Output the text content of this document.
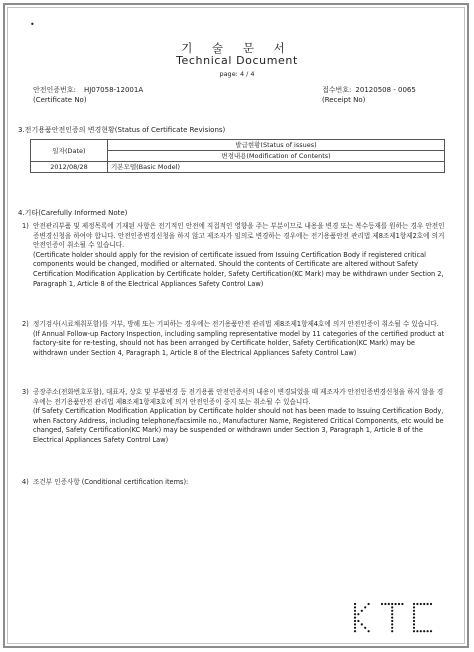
•
기 술 문 서
Technical Document
page: 4 / 4
안전인증번호: HJ07058-12001A
(Certificate No)
접수번호: 20120508 - 0065
(Receipt No)
3.전기용품안전인증의 변경현황(Status of Certificate Revisions)
일자(Date)	발급현황(Status of issues)
	변경내용(Modification of Contents)
2012/08/28	기본모델(Basic Model)
4.기타(Carefully Informed Note)
1) 안전관리부품 및 제정목록에 기재된 사항은 전기적인 안전에 직접적인 영향을 주는 부분이므로 내용을 변경 또는 복수등재를 원하는 경우 안전인증변경신청을 하여야 합니다. 안전인증변경신청을 하지 않고 제조자가 임의로 변경하는 경우에는 전기용품안전 관리법 제8조제1항제2호에 의거 안전인증이 취소될 수 있습니다.

(Certificate holder should apply for the revision of certificate issued from Issuing Certification Body if registered critical components would be changed, modified or alternated. Should the contents of Certificate are altered without Safety Certification Modification Application by Certificate holder, Safety Certification(KC Mark) may be withdrawn under Section 2, Paragraph 1, Article 8 of the Electrical Appliances Safety Control Law)

2) 정기검사(시료채취포함)를 거부, 방해 또는 기피하는 경우에는 전기용품안전 관리법 제8조제1항제4호에 의거 안전인증이 취소될 수 있습니다.

(If Annual Follow-up Factory Inspection, including sampling representative model by 11 categories of the certified product at factory-site for re-testing, should not has been arranged by Certificate holder, Safety Certification(KC Mark) may be withdrawn under Section 4, Paragraph 1, Article 8 of the Electrical Appliances Safety Control Law)

3) 공장주소(전화번호포함), 대표자, 상호 및 부품변경 등 전기용품 안전인증서의 내용이 변경되었을 때 제조자가 안전인증변경신청을 하지 않을 경우에는 전기용품안전 관리법 제8조제1항제3호에 의거 안전인증이 중지 또는 취소될 수 있습니다.

(If Safety Certification Modification Application by Certificate holder should not has been made to Issuing Certification Body, when Factory Address, including telephone/facsimile no., Manufacturer Name, Registered Critical Components, etc would be changed, Safety Certification(KC Mark) may be suspended or withdrawn under Section 3, Paragraph 1, Article 8 of the Electrical Appliances Safety Control Law)

4) 조건부 인증사항 (Conditional certification items):
